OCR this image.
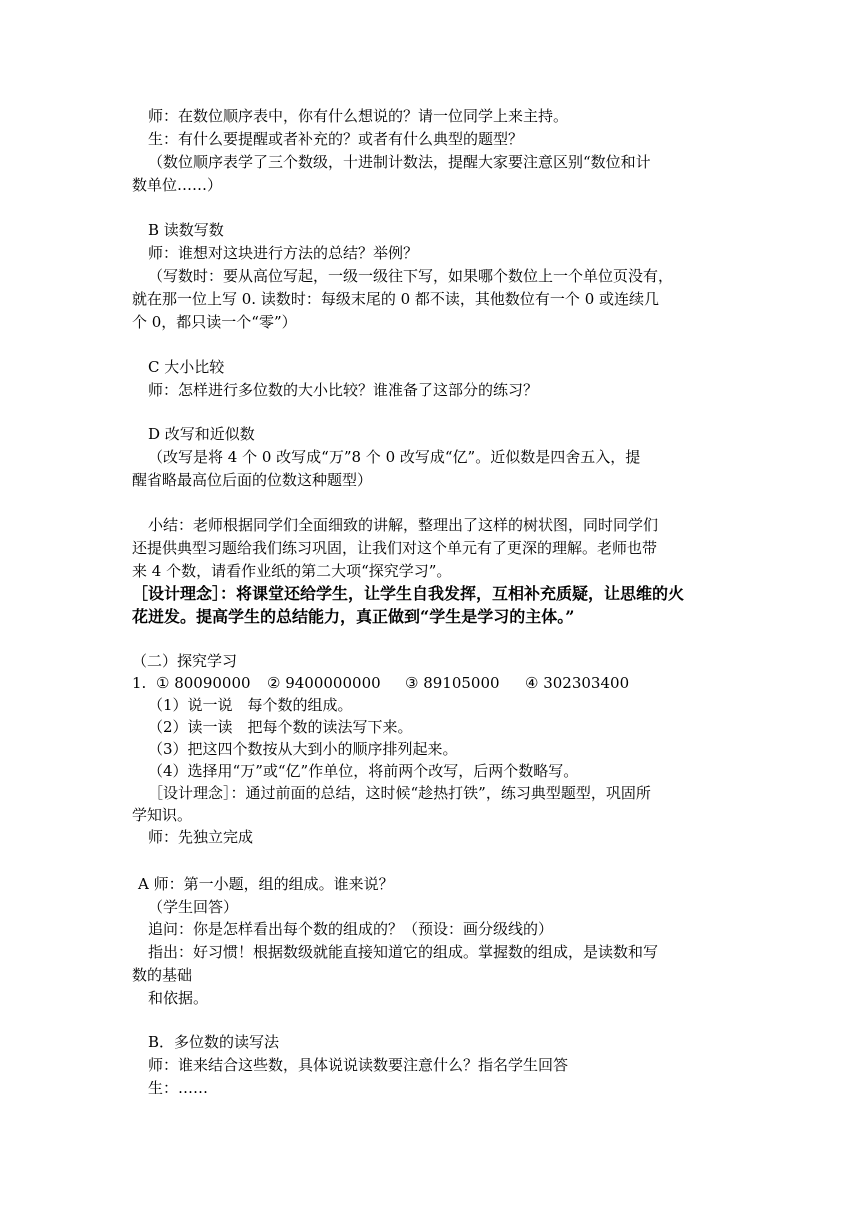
师：在数位顺序表中，你有什么想说的？请一位同学上来主持。
生：有什么要提醒或者补充的？或者有什么典型的题型？
（数位顺序表学了三个数级，十进制计数法，提醒大家要注意区别“数位和计
数单位……）
B 读数写数
师：谁想对这块进行方法的总结？举例？
（写数时：要从高位写起，一级一级往下写，如果哪个数位上一个单位页没有，
就在那一位上写 0. 读数时：每级末尾的 0 都不读，其他数位有一个 0 或连续几
个 0，都只读一个“零”）
C 大小比较
师：怎样进行多位数的大小比较？谁准备了这部分的练习？
D 改写和近似数
（改写是将 4 个 0 改写成“万”8 个 0 改写成“亿”。近似数是四舍五入，提
醒省略最高位后面的位数这种题型）
小结：老师根据同学们全面细致的讲解，整理出了这样的树状图，同时同学们
还提供典型习题给我们练习巩固，让我们对这个单元有了更深的理解。老师也带
来 4 个数，请看作业纸的第二大项“探究学习”。
［设计理念］：将课堂还给学生，让学生自我发挥，互相补充质疑，让思维的火
花迸发。提高学生的总结能力，真正做到“学生是学习的主体。”
（二）探究学习
1. ① 80090000 ② 9400000000 ③ 89105000 ④ 302303400
（1）说一说　每个数的组成。
（2）读一读　把每个数的读法写下来。
（3）把这四个数按从大到小的顺序排列起来。
（4）选择用“万”或“亿”作单位，将前两个改写，后两个数略写。
［设计理念］：通过前面的总结，这时候“趁热打铁”，练习典型题型，巩固所
学知识。
师：先独立完成
A 师：第一小题，组的组成。谁来说？
（学生回答）
追问：你是怎样看出每个数的组成的？（预设：画分级线的）
指出：好习惯！根据数级就能直接知道它的组成。掌握数的组成，是读数和写
数的基础
和依据。
B．多位数的读写法
师：谁来结合这些数，具体说说读数要注意什么？指名学生回答
生：……
